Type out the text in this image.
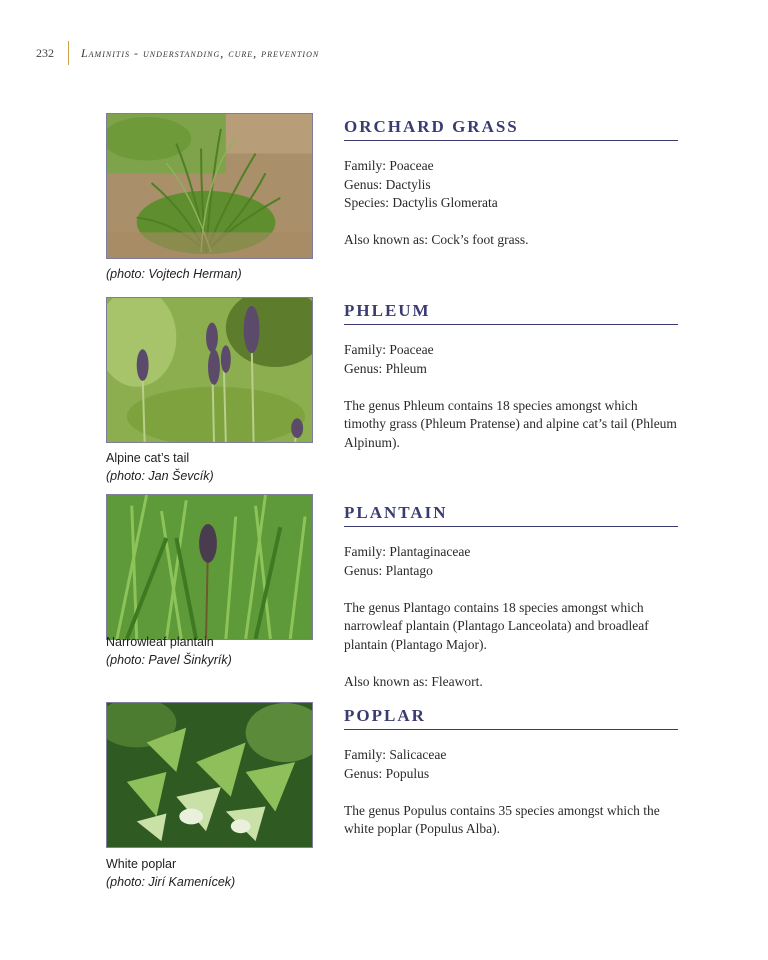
232 Laminitis - understanding, cure, prevention
(photo: Vojtech Herman)
ORCHARD GRASS
Family: Poaceae
Genus: Dactylis
Species: Dactylis Glomerata
Also known as: Cock’s foot grass.
Alpine cat’s tail
(photo: Jan Ševcík)
PHLEUM
Family: Poaceae
Genus: Phleum
The genus Phleum contains 18 species amongst which timothy grass (Phleum Pratense) and alpine cat’s tail (Phleum Alpinum).
Narrowleaf plantain
(photo: Pavel Šinkyrík)
PLANTAIN
Family: Plantaginaceae
Genus: Plantago
The genus Plantago contains 18 species amongst which narrowleaf plantain (Plantago Lanceolata) and broadleaf plantain (Plantago Major).
Also known as: Fleawort.
White poplar
(photo: Jirí Kamenícek)
POPLAR
Family: Salicaceae
Genus: Populus
The genus Populus contains 35 species amongst which the white poplar (Populus Alba).
